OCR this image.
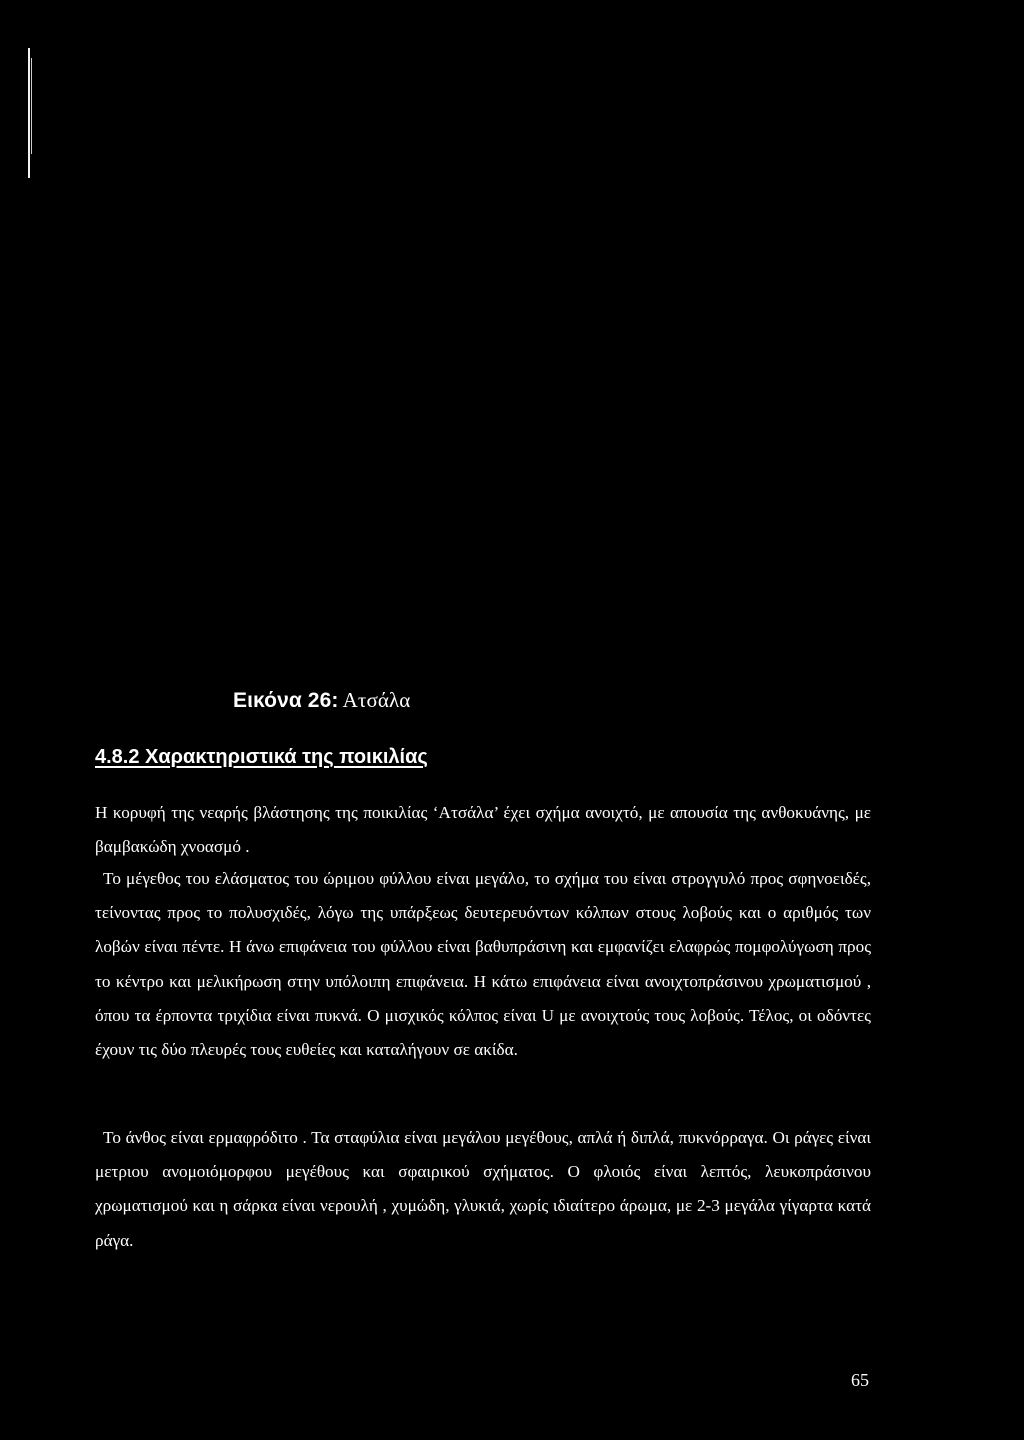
Εικόνα 26: Ατσάλα
4.8.2 Χαρακτηριστικά της ποικιλίας

Η κορυφή της νεαρής βλάστησης της ποικιλίας ‘Ατσάλα’ έχει σχήμα ανοιχτό, με απουσία της ανθοκυάνης, με βαμβακώδη χνοασμό .

Το μέγεθος του ελάσματος του ώριμου φύλλου είναι μεγάλο, το σχήμα του είναι στρογγυλό προς σφηνοειδές, τείνοντας προς το πολυσχιδές, λόγω της υπάρξεως δευτερευόντων κόλπων στους λοβούς και ο αριθμός των λοβών είναι πέντε. Η άνω επιφάνεια του φύλλου είναι βαθυπράσινη και εμφανίζει ελαφρώς πομφολύγωση προς το κέντρο και μελικήρωση στην υπόλοιπη επιφάνεια. Η κάτω επιφάνεια είναι ανοιχτοπράσινου χρωματισμού , όπου τα έρποντα τριχίδια είναι πυκνά. Ο μισχικός κόλπος είναι U με ανοιχτούς τους λοβούς. Τέλος, οι οδόντες έχουν τις δύο πλευρές τους ευθείες και καταλήγουν σε ακίδα.

Το άνθος είναι ερμαφρόδιτο . Τα σταφύλια είναι μεγάλου μεγέθους, απλά ή διπλά, πυκνόρραγα. Οι ράγες είναι μετριου ανομοιόμορφου μεγέθους και σφαιρικού σχήματος. Ο φλοιός είναι λεπτός, λευκοπράσινου χρωματισμού και η σάρκα είναι νερουλή , χυμώδη, γλυκιά, χωρίς ιδιαίτερο άρωμα, με 2-3 μεγάλα γίγαρτα κατά ράγα.

65
